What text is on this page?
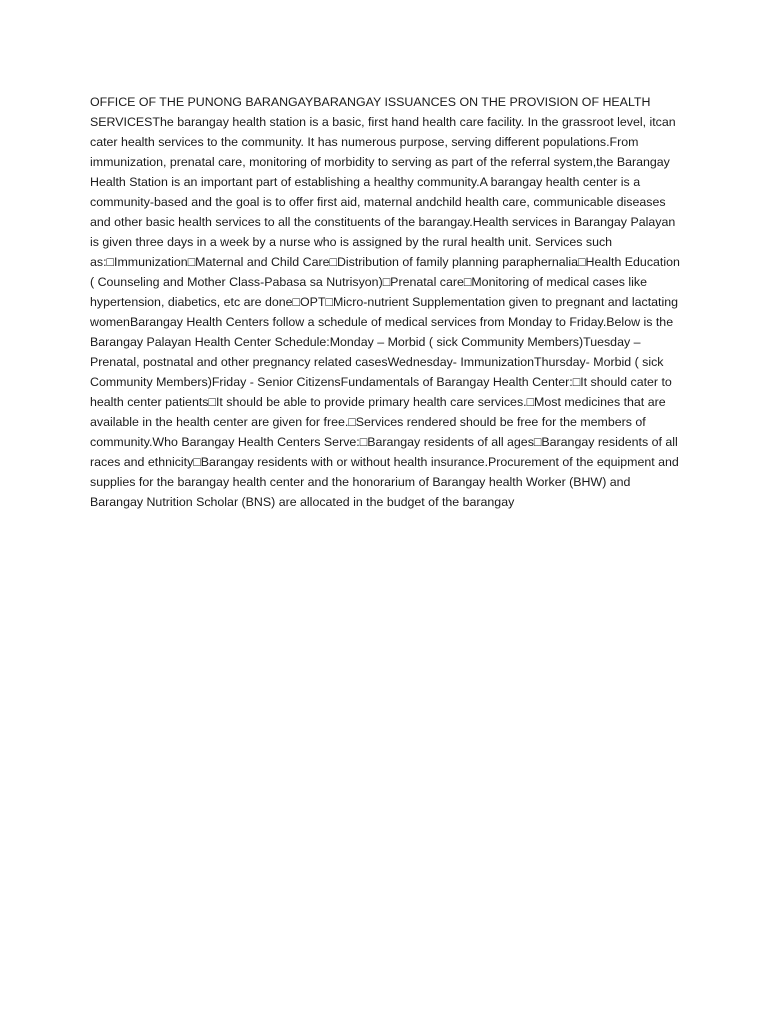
OFFICE OF THE PUNONG BARANGAYBARANGAY ISSUANCES ON THE PROVISION OF HEALTH SERVICESThe barangay health station is a basic, first hand health care facility. In the grassroot level, itcan cater health services to the community. It has numerous purpose, serving different populations.From immunization, prenatal care, monitoring of morbidity to serving as part of the referral system,the Barangay Health Station is an important part of establishing a healthy community.A barangay health center is a community-based and the goal is to offer first aid, maternal andchild health care, communicable diseases and other basic health services to all the constituents of the barangay.Health services in Barangay Palayan is given three days in a week by a nurse who is assigned by the rural health unit. Services such as:□Immunization□Maternal and Child Care□Distribution of family planning paraphernalia□Health Education ( Counseling and Mother Class-Pabasa sa Nutrisyon)□Prenatal care□Monitoring of medical cases like hypertension, diabetics, etc are done□OPT□Micro-nutrient Supplementation given to pregnant and lactating womenBarangay Health Centers follow a schedule of medical services from Monday to Friday.Below is the Barangay Palayan Health Center Schedule:Monday – Morbid ( sick Community Members)Tuesday – Prenatal, postnatal and other pregnancy related casesWednesday- ImmunizationThursday- Morbid ( sick Community Members)Friday - Senior CitizensFundamentals of Barangay Health Center:□It should cater to health center patients□It should be able to provide primary health care services.□Most medicines that are available in the health center are given for free.□Services rendered should be free for the members of community.Who Barangay Health Centers Serve:□Barangay residents of all ages□Barangay residents of all races and ethnicity□Barangay residents with or without health insurance.Procurement of the equipment and supplies for the barangay health center and the honorarium of Barangay health Worker (BHW) and Barangay Nutrition Scholar (BNS) are allocated in the budget of the barangay
